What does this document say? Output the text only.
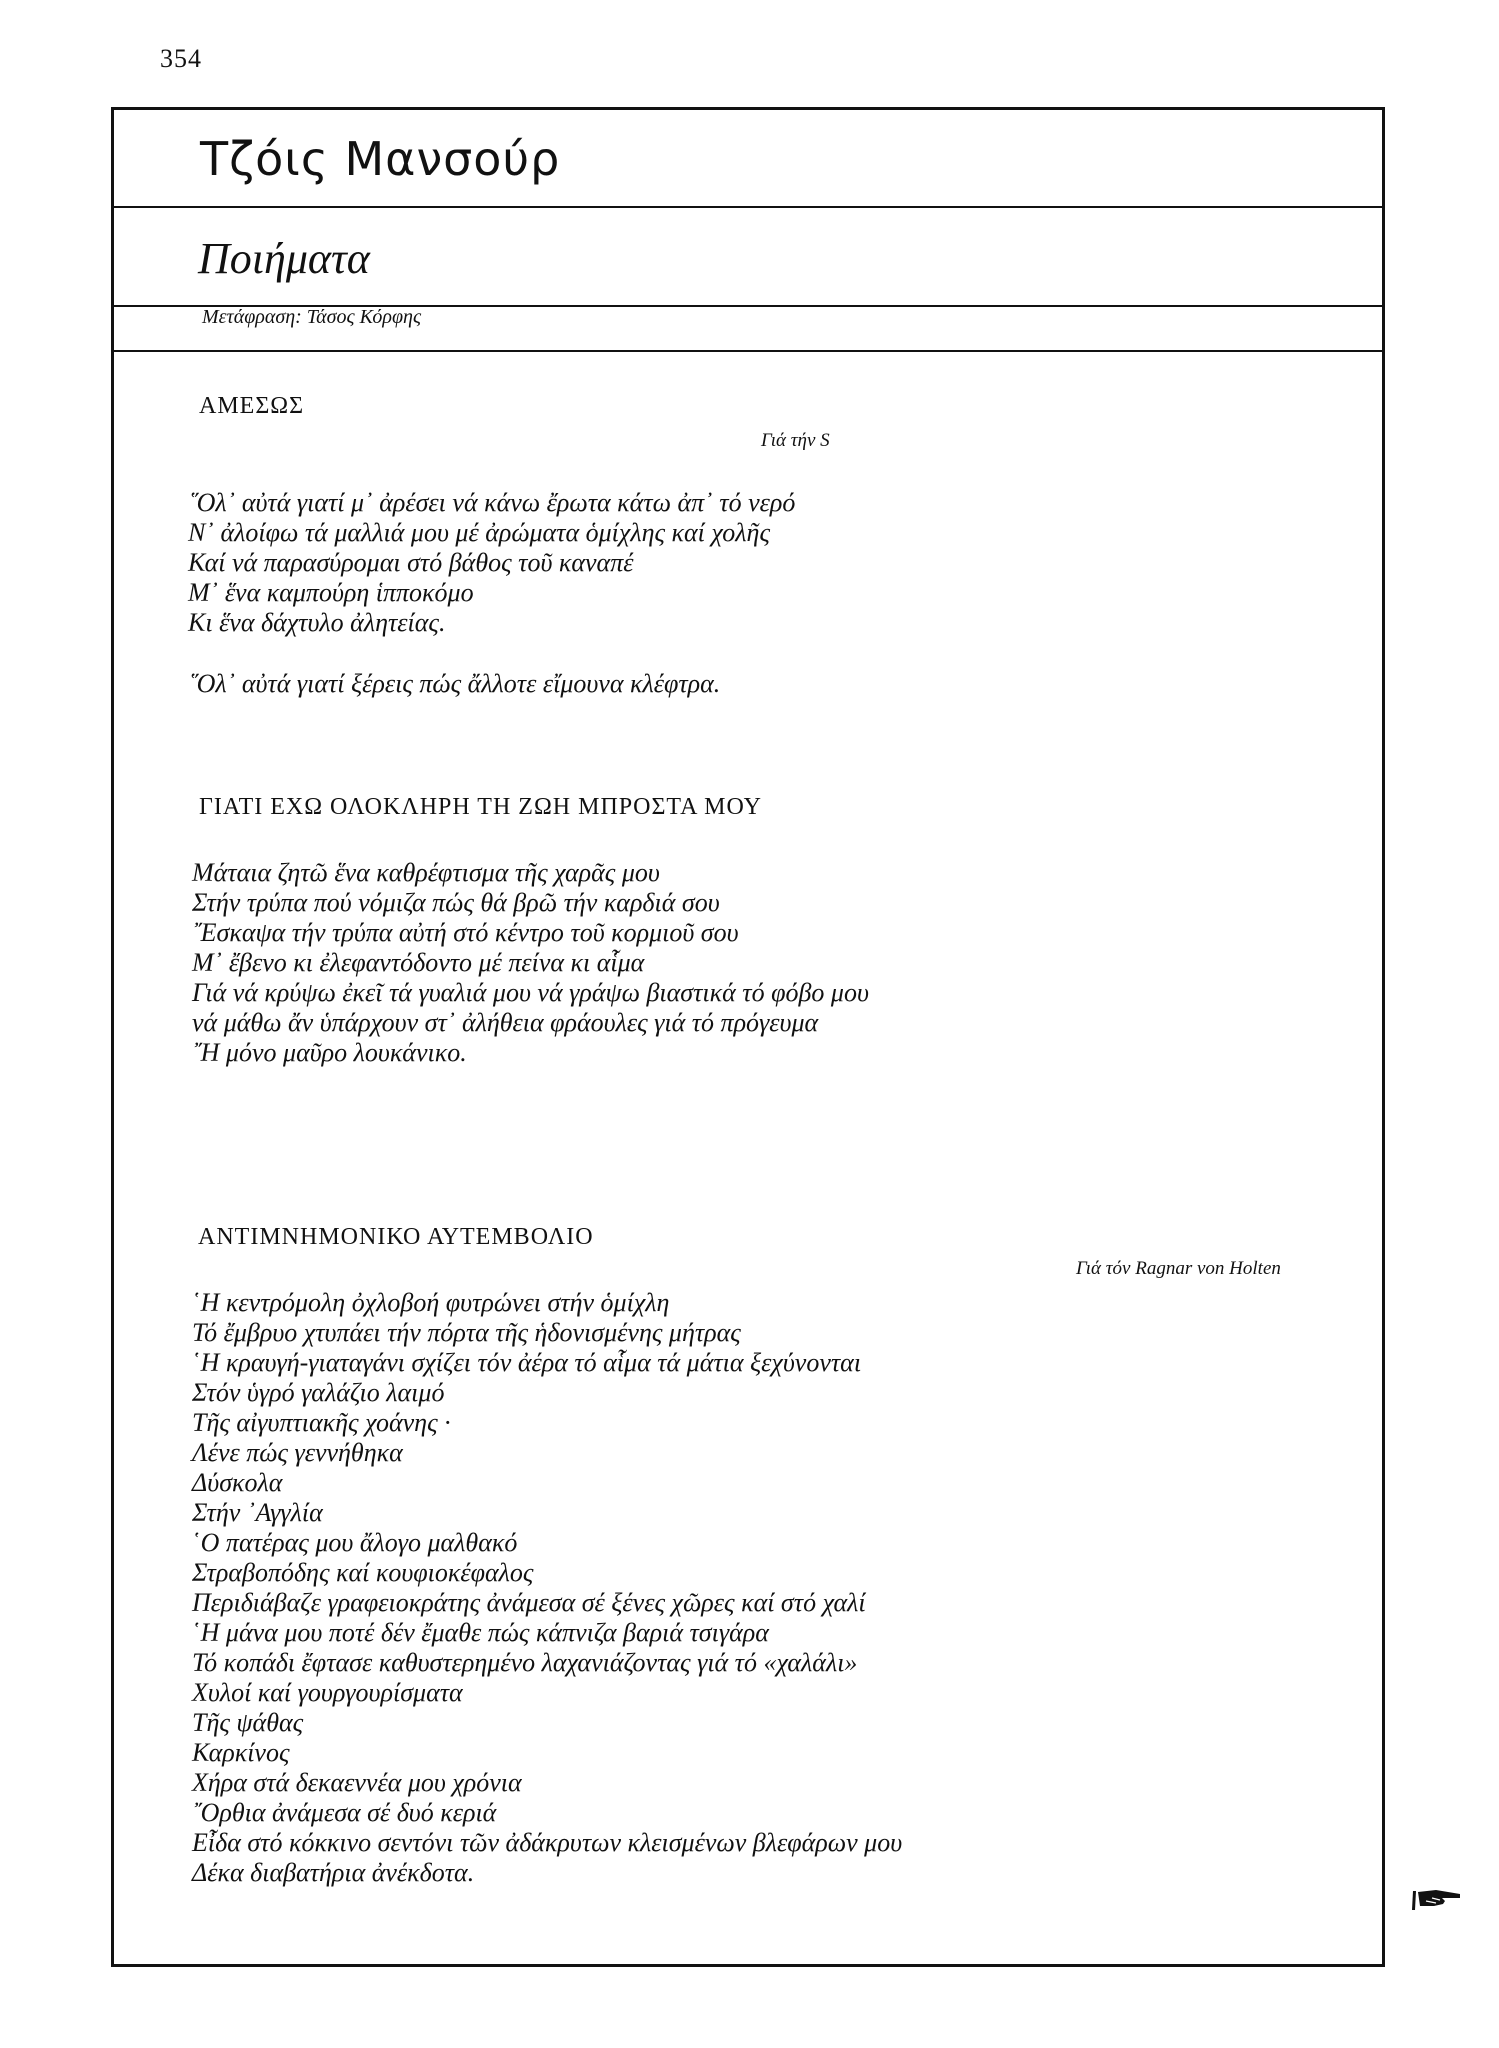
354
Τζόις Μανσούρ
Ποιήματα
Μετάφραση: Τάσος Κόρφης
ΑΜΕΣΩΣ
Γιά τήν S
῞Ολ᾿ αὐτά γιατί μ᾿ ἀρέσει νά κάνω ἔρωτα κάτω ἀπ᾿ τό νερό
Ν᾿ ἀλοίφω τά μαλλιά μου μέ ἀρώματα ὁμίχλης καί χολῆς
Καί νά παρασύρομαι στό βάθος τοῦ καναπέ
Μ᾿ ἕνα καμπούρη ἱπποκόμο
Κι ἕνα δάχτυλο ἀλητείας.
῞Ολ᾿ αὐτά γιατί ξέρεις πώς ἄλλοτε εἴμουνα κλέφτρα.
ΓΙΑΤΙ ΕΧΩ ΟΛΟΚΛΗΡΗ ΤΗ ΖΩΗ ΜΠΡΟΣΤΑ ΜΟΥ
Μάταια ζητῶ ἕνα καθρέφτισμα τῆς χαρᾶς μου
Στήν τρύπα πού νόμιζα πώς θά βρῶ τήν καρδιά σου
῎Εσκαψα τήν τρύπα αὐτή στό κέντρο τοῦ κορμιοῦ σου
Μ᾿ ἔβενο κι ἐλεφαντόδοντο μέ πείνα κι αἷμα
Γιά νά κρύψω ἐκεῖ τά γυαλιά μου νά γράψω βιαστικά τό φόβο μου
νά μάθω ἄν ὑπάρχουν στ᾿ ἀλήθεια φράουλες γιά τό πρόγευμα
῎Η μόνο μαῦρο λουκάνικο.
ΑΝΤΙΜΝΗΜΟΝΙΚΟ ΑΥΤΕΜΒΟΛΙΟ
Γιά τόν Ragnar von Holten
῾Η κεντρόμολη ὀχλοβοή φυτρώνει στήν ὁμίχλη
Τό ἔμβρυο χτυπάει τήν πόρτα τῆς ἡδονισμένης μήτρας
῾Η κραυγή-γιαταγάνι σχίζει τόν ἀέρα τό αἷμα τά μάτια ξεχύνονται
Στόν ὑγρό γαλάζιο λαιμό
Τῆς αἰγυπτιακῆς χοάνης ·
Λένε πώς γεννήθηκα
Δύσκολα
Στήν ᾿Αγγλία
῾Ο πατέρας μου ἄλογο μαλθακό
Στραβοπόδης καί κουφιοκέφαλος
Περιδιάβαζε γραφειοκράτης ἀνάμεσα σέ ξένες χῶρες καί στό χαλί
῾Η μάνα μου ποτέ δέν ἔμαθε πώς κάπνιζα βαριά τσιγάρα
Τό κοπάδι ἔφτασε καθυστερημένο λαχανιάζοντας γιά τό «χαλάλι»
Χυλοί καί γουργουρίσματα
Τῆς ψάθας
Καρκίνος
Χήρα στά δεκαεννέα μου χρόνια
῎Ορθια ἀνάμεσα σέ δυό κεριά
Εἶδα στό κόκκινο σεντόνι τῶν ἀδάκρυτων κλεισμένων βλεφάρων μου
Δέκα διαβατήρια ἀνέκδοτα.
